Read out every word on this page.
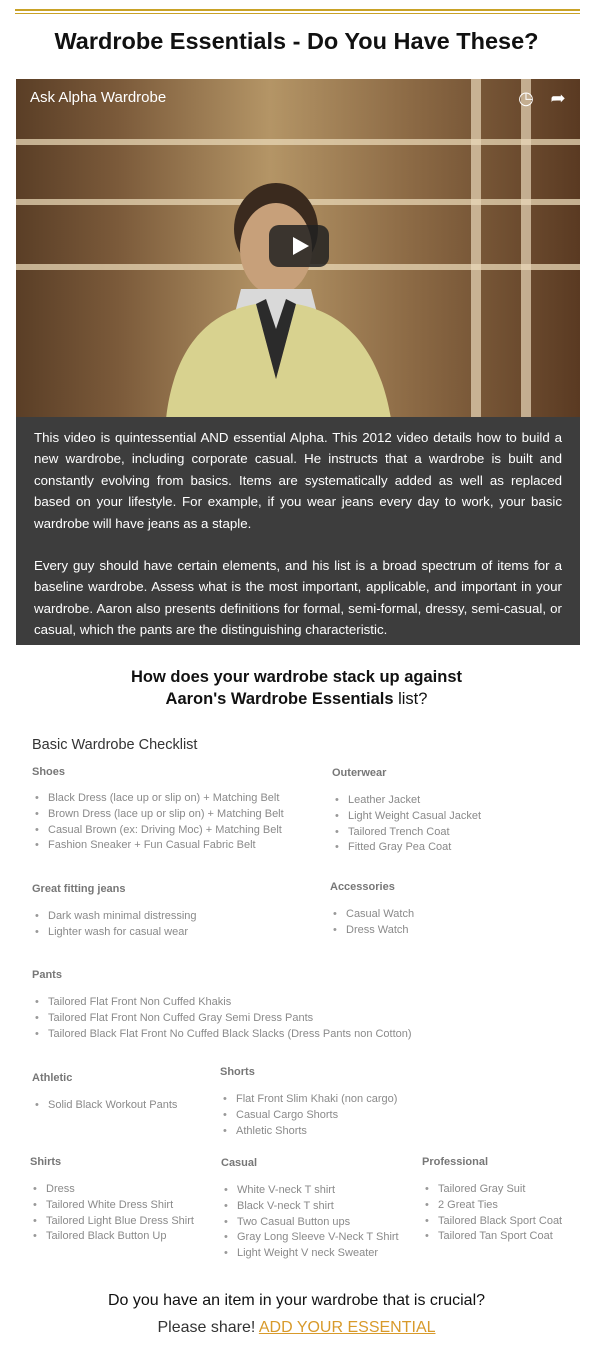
Wardrobe Essentials - Do You Have These?
Ask Alpha Wardrobe	◷ ➦

This video is quintessential AND essential Alpha. This 2012 video details how to build a new wardrobe, including corporate casual. He instructs that a wardrobe is built and constantly evolving from basics. Items are systematically added as well as replaced based on your lifestyle. For example, if you wear jeans every day to work, your basic wardrobe will have jeans as a staple.

Every guy should have certain elements, and his list is a broad spectrum of items for a baseline wardrobe. Assess what is the most important, applicable, and important in your wardrobe. Aaron also presents definitions for formal, semi-formal, dressy, semi-casual, or casual, which the pants are the distinguishing characteristic.

How does your wardrobe stack up against
Aaron's Wardrobe Essentials list?
Basic Wardrobe Checklist
Shoes
• Black Dress (lace up or slip on) + Matching Belt
• Brown Dress (lace up or slip on) + Matching Belt
• Casual Brown (ex: Driving Moc) + Matching Belt
• Fashion Sneaker + Fun Casual Fabric Belt
Outerwear
• Leather Jacket
• Light Weight Casual Jacket
• Tailored Trench Coat
• Fitted Gray Pea Coat
Great fitting jeans
• Dark wash minimal distressing
• Lighter wash for casual wear
Accessories
• Casual Watch
• Dress Watch
Pants
• Tailored Flat Front Non Cuffed Khakis
• Tailored Flat Front Non Cuffed Gray Semi Dress Pants
• Tailored Black Flat Front No Cuffed Black Slacks (Dress Pants non Cotton)
Athletic
• Solid Black Workout Pants
Shorts
• Flat Front Slim Khaki (non cargo)
• Casual Cargo Shorts
• Athletic Shorts
Shirts
• Dress
• Tailored White Dress Shirt
• Tailored Light Blue Dress Shirt
• Tailored Black Button Up
Casual
• White V-neck T shirt
• Black V-neck T shirt
• Two Casual Button ups
• Gray Long Sleeve V-Neck T Shirt
• Light Weight V neck Sweater
Professional
• Tailored Gray Suit
• 2 Great Ties
• Tailored Black Sport Coat
• Tailored Tan Sport Coat
Do you have an item in your wardrobe that is crucial?
Please share! ADD YOUR ESSENTIAL
